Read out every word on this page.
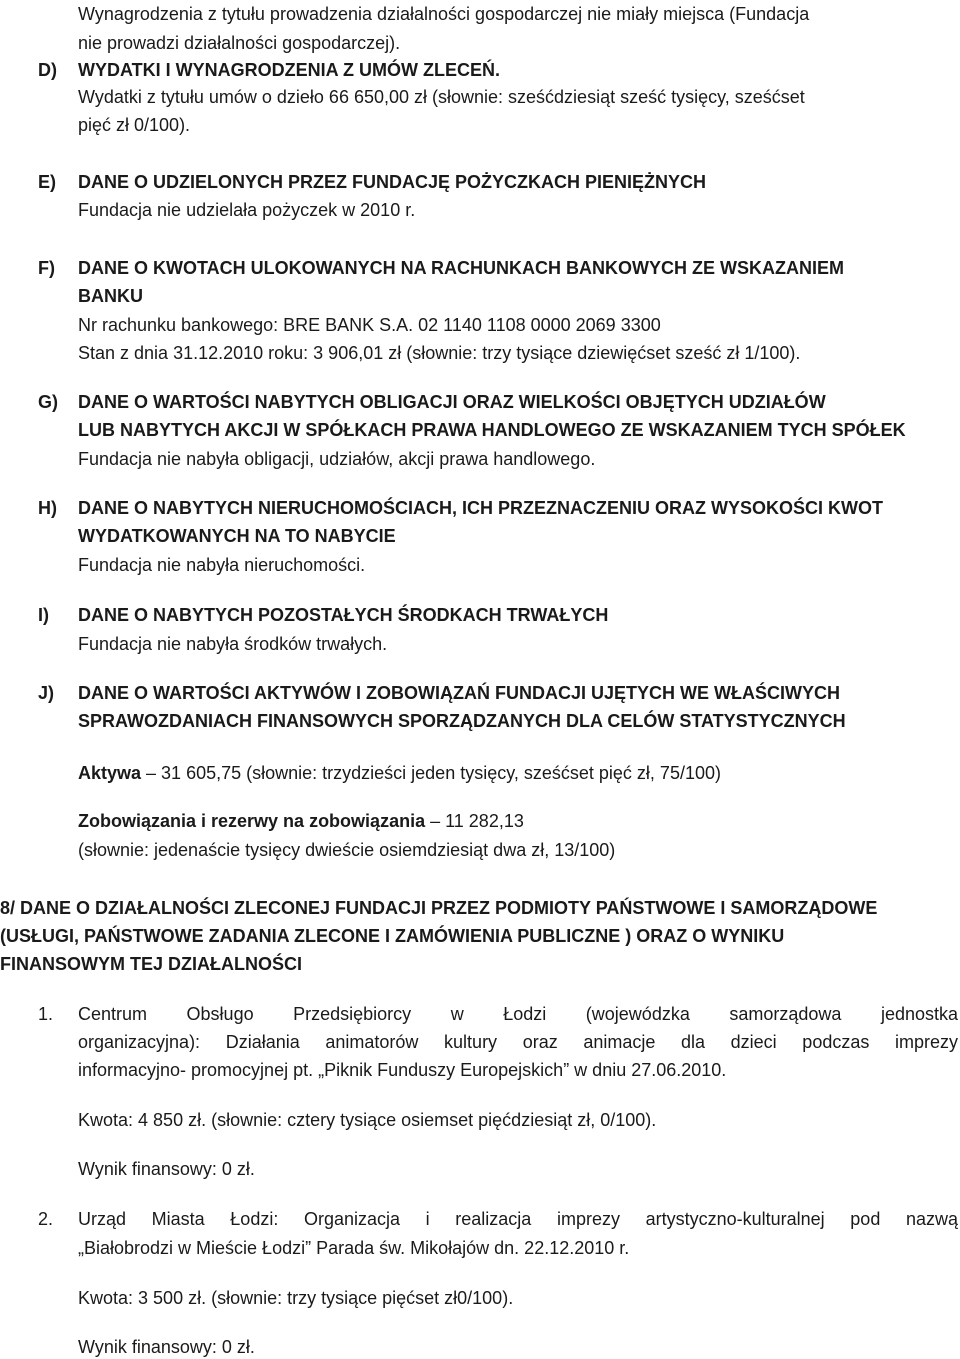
Wynagrodzenia z tytułu prowadzenia działalności gospodarczej nie miały miejsca (Fundacja
nie prowadzi działalności gospodarczej).
D) WYDATKI I WYNAGRODZENIA Z UMÓW ZLECEŃ.
Wydatki z tytułu umów o dzieło 66 650,00 zł (słownie: sześćdziesiąt sześć tysięcy, sześćset
pięć zł 0/100).
E) DANE O UDZIELONYCH PRZEZ FUNDACJĘ POŻYCZKACH PIENIĘŻNYCH
Fundacja nie udzielała pożyczek w 2010 r.
F) DANE O KWOTACH ULOKOWANYCH NA RACHUNKACH BANKOWYCH ZE WSKAZANIEM
BANKU
Nr rachunku bankowego: BRE BANK S.A. 02 1140 1108 0000 2069 3300
Stan z dnia 31.12.2010 roku: 3 906,01 zł (słownie: trzy tysiące dziewięćset sześć zł 1/100).
G) DANE O WARTOŚCI NABYTYCH OBLIGACJI ORAZ WIELKOŚCI OBJĘTYCH UDZIAŁÓW
LUB NABYTYCH AKCJI W SPÓŁKACH PRAWA HANDLOWEGO ZE WSKAZANIEM TYCH SPÓŁEK
Fundacja nie nabyła obligacji, udziałów, akcji prawa handlowego.
H) DANE O NABYTYCH NIERUCHOMOŚCIACH, ICH PRZEZNACZENIU ORAZ WYSOKOŚCI KWOT
WYDATKOWANYCH NA TO NABYCIE
Fundacja nie nabyła nieruchomości.
I) DANE O NABYTYCH POZOSTAŁYCH ŚRODKACH TRWAŁYCH
Fundacja nie nabyła środków trwałych.
J) DANE O WARTOŚCI AKTYWÓW I ZOBOWIĄZAŃ FUNDACJI UJĘTYCH WE WŁAŚCIWYCH
SPRAWOZDANIACH FINANSOWYCH SPORZĄDZANYCH DLA CELÓW STATYSTYCZNYCH
Aktywa – 31 605,75 (słownie: trzydzieści jeden tysięcy, sześćset pięć zł, 75/100)
Zobowiązania i rezerwy na zobowiązania – 11 282,13
(słownie: jedenaście tysięcy dwieście osiemdziesiąt dwa zł, 13/100)
8/ DANE O DZIAŁALNOŚCI ZLECONEJ FUNDACJI PRZEZ PODMIOTY PAŃSTWOWE I SAMORZĄDOWE
(USŁUGI, PAŃSTWOWE ZADANIA ZLECONE I ZAMÓWIENIA PUBLICZNE ) ORAZ O WYNIKU
FINANSOWYM TEJ DZIAŁALNOŚCI
1. Centrum Obsługo Przedsiębiorcy w Łodzi (wojewódzka samorządowa jednostka
organizacyjna): Działania animatorów kultury oraz animacje dla dzieci podczas imprezy
informacyjno- promocyjnej pt. „Piknik Funduszy Europejskich” w dniu 27.06.2010.
Kwota: 4 850 zł. (słownie: cztery tysiące osiemset pięćdziesiąt zł, 0/100).
Wynik finansowy: 0 zł.
2. Urząd Miasta Łodzi: Organizacja i realizacja imprezy artystyczno-kulturalnej pod nazwą
„Białobrodzi w Mieście Łodzi” Parada św. Mikołajów dn. 22.12.2010 r.
Kwota: 3 500 zł. (słownie: trzy tysiące pięćset zł0/100).
Wynik finansowy: 0 zł.
